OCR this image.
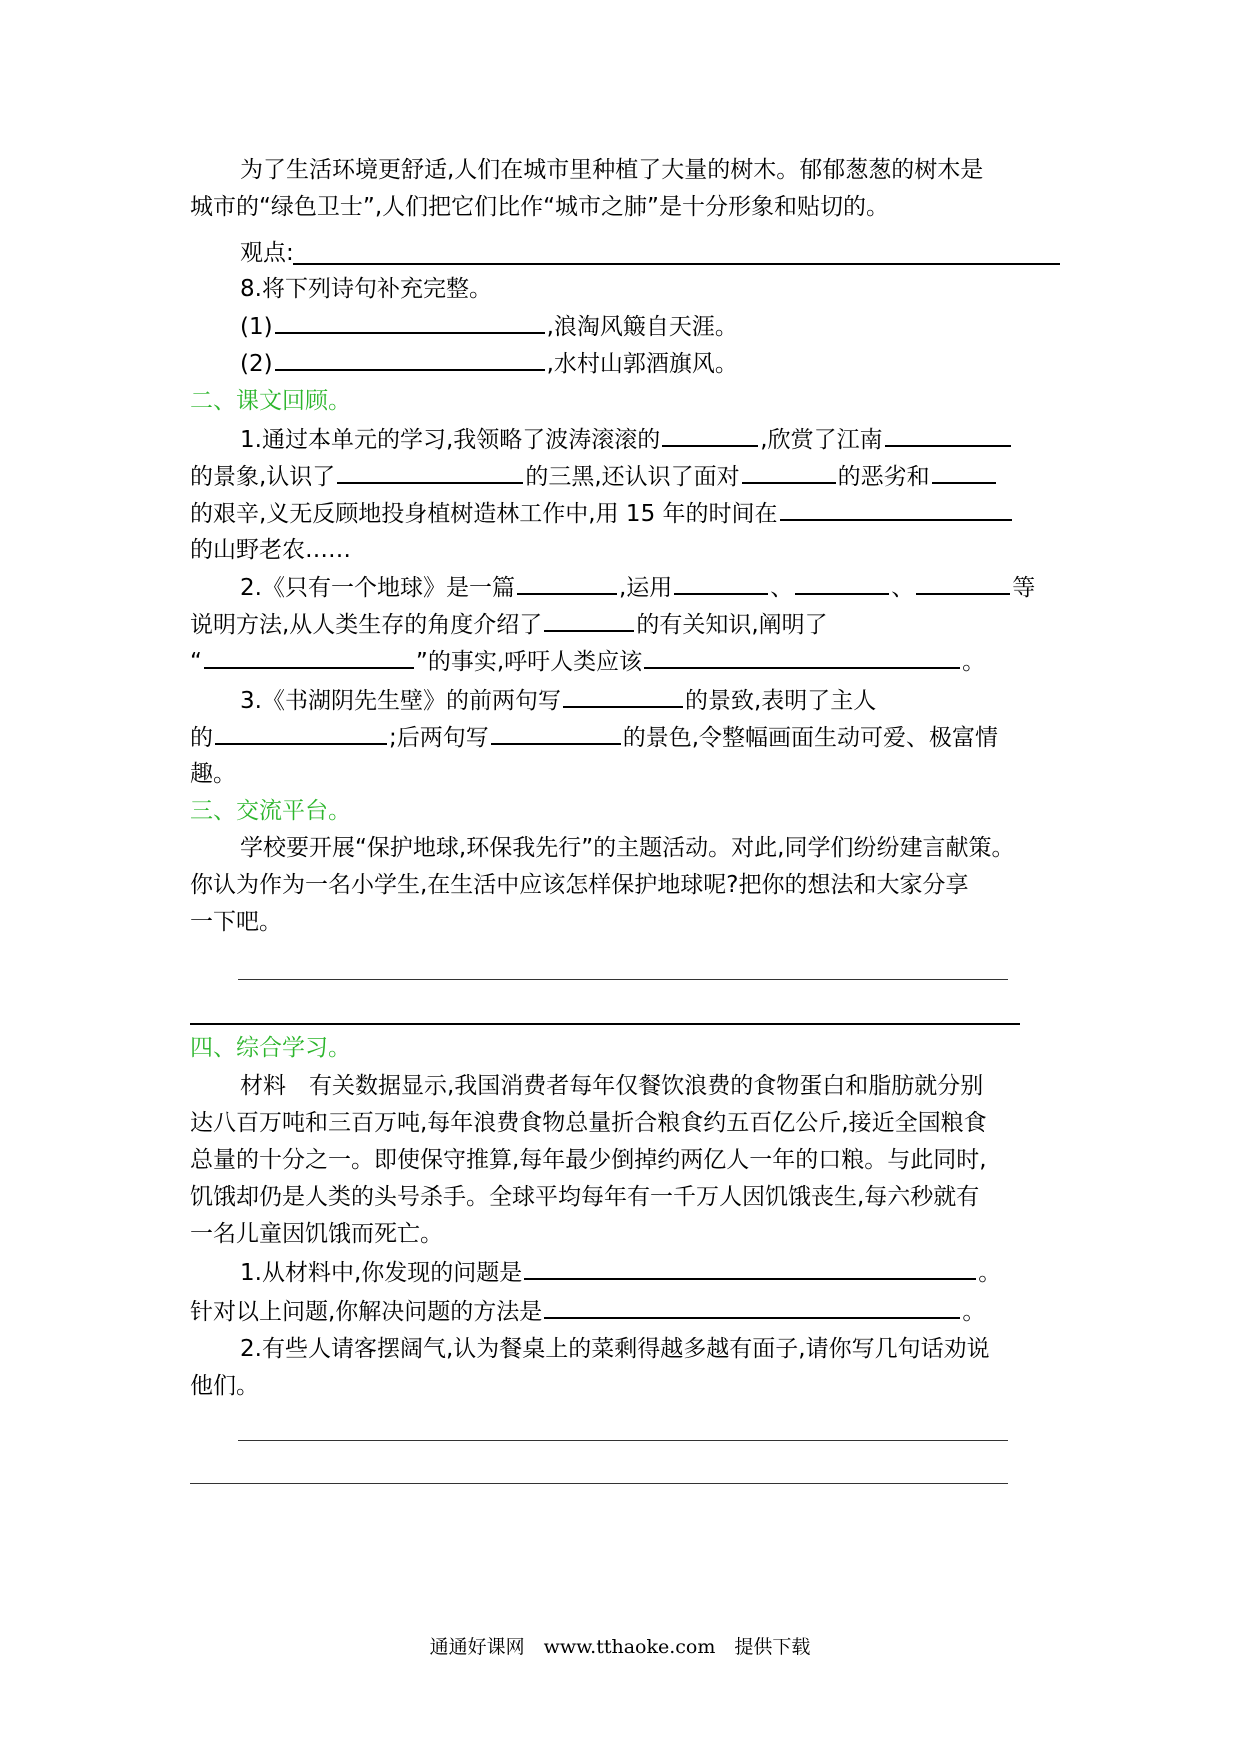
为了生活环境更舒适,人们在城市里种植了大量的树木。郁郁葱葱的树木是
城市的“绿色卫士”,人们把它们比作“城市之肺”是十分形象和贴切的。
观点:
8.将下列诗句补充完整。
(1)	,浪淘风簸自天涯。
(2)	,水村山郭酒旗风。
二、课文回顾。
1.通过本单元的学习,我领略了波涛滚滚的	,欣赏了江南
的景象,认识了	的三黑,还认识了面对	的恶劣和
的艰辛,义无反顾地投身植树造林工作中,用 15 年的时间在
的山野老农……
2.《只有一个地球》是一篇	,运用	、	、	等
说明方法,从人类生存的角度介绍了	的有关知识,阐明了
“	”的事实,呼吁人类应该	。
3.《书湖阴先生壁》的前两句写	的景致,表明了主人
的	;后两句写	的景色,令整幅画面生动可爱、极富情
趣。
三、交流平台。
学校要开展“保护地球,环保我先行”的主题活动。对此,同学们纷纷建言献策。
你认为作为一名小学生,在生活中应该怎样保护地球呢?把你的想法和大家分享
一下吧。
四、综合学习。
材料　有关数据显示,我国消费者每年仅餐饮浪费的食物蛋白和脂肪就分别
达八百万吨和三百万吨,每年浪费食物总量折合粮食约五百亿公斤,接近全国粮食
总量的十分之一。即使保守推算,每年最少倒掉约两亿人一年的口粮。与此同时,
饥饿却仍是人类的头号杀手。全球平均每年有一千万人因饥饿丧生,每六秒就有
一名儿童因饥饿而死亡。
1.从材料中,你发现的问题是	。
针对以上问题,你解决问题的方法是	。
2.有些人请客摆阔气,认为餐桌上的菜剩得越多越有面子,请你写几句话劝说
他们。
通通好课网　www.tthaoke.com　提供下载
